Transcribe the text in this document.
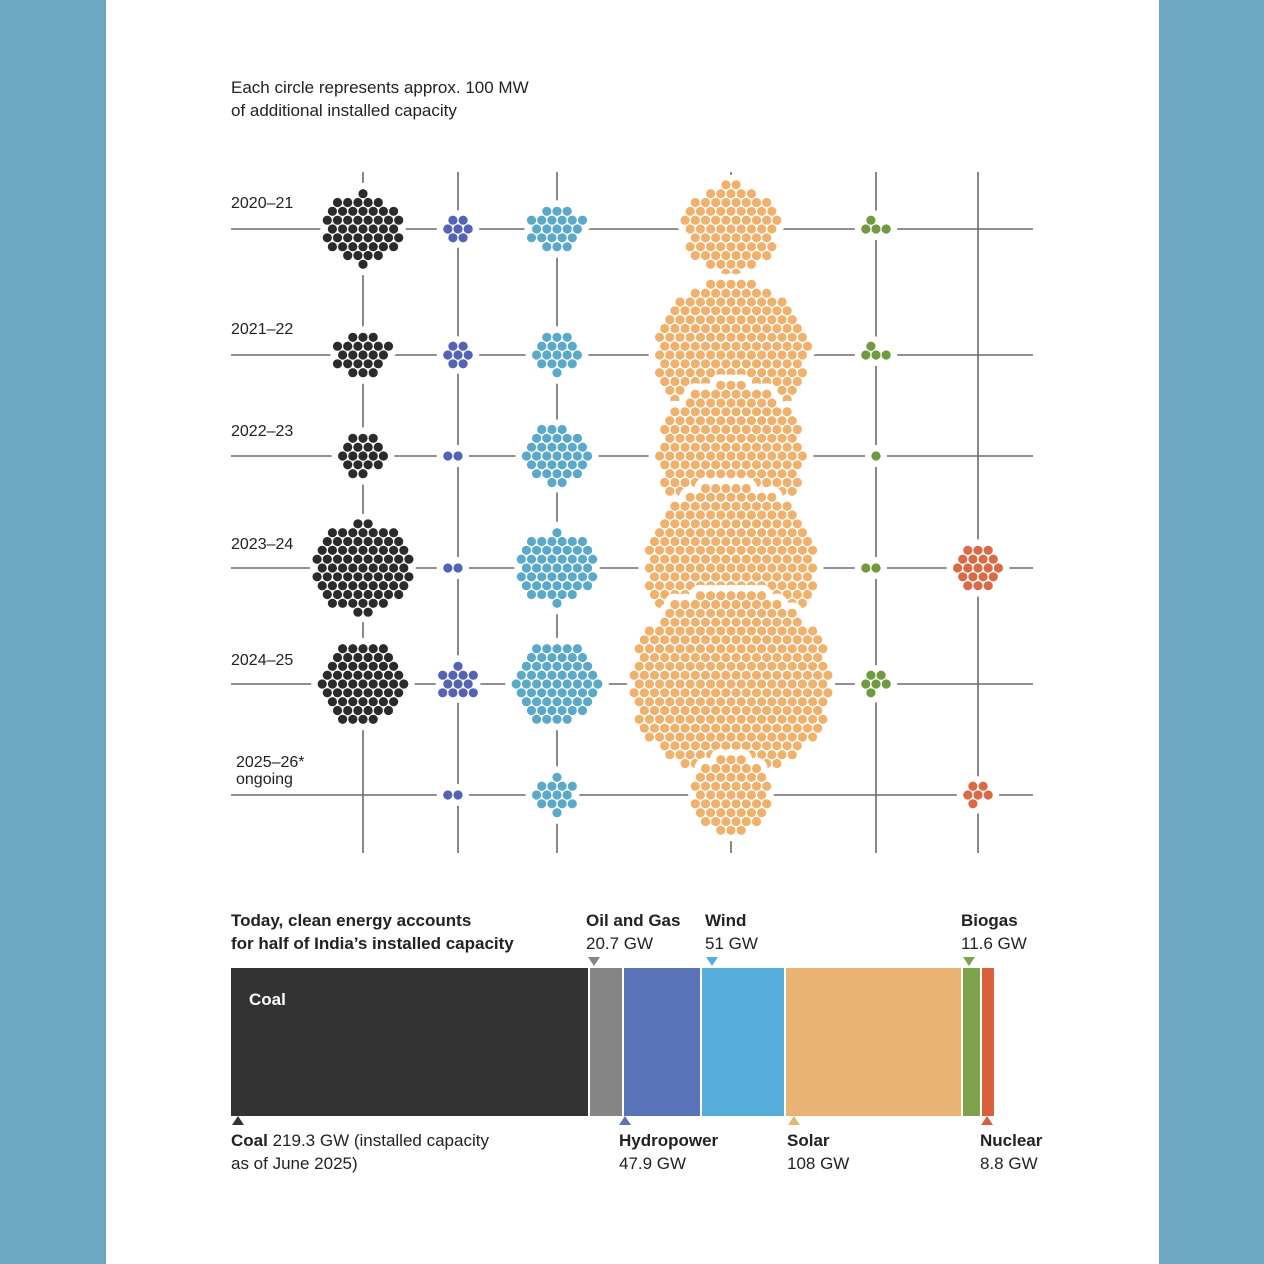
Each circle represents approx. 100 MW
of additional installed capacity
2020–21
2021–22
2022–23
2023–24
2024–25
2025–26*
ongoing
Today, clean energy accounts
for half of India’s installed capacity
Oil and Gas
20.7 GW
Wind
51 GW
Biogas
11.6 GW
Coal
Coal 219.3 GW (installed capacity
as of June 2025)
Hydropower
47.9 GW
Solar
108 GW
Nuclear
8.8 GW
